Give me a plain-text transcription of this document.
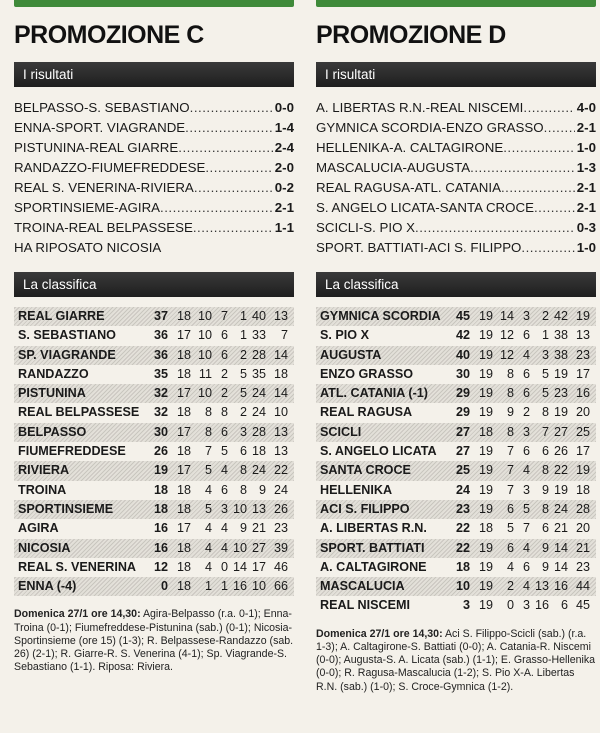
PROMOZIONE C
I risultati
BELPASSO-S. SEBASTIANO .....	0-0
ENNA-SPORT. VIAGRANDE .....	1-4
PISTUNINA-REAL GIARRE .....	2-4
RANDAZZO-FIUMEFREDDESE .....	2-0
REAL S. VENERINA-RIVIERA .....	0-2
SPORTINSIEME-AGIRA .....	2-1
TROINA-REAL BELPASSESE .....	1-1
HA RIPOSATO NICOSIA
La classifica
REAL GIARRE	37 18 10 7 1 40 13
S. SEBASTIANO	36 17 10 6 1 33	7
SP. VIAGRANDE	36 18 10 6 2 28 14
RANDAZZO	35 18 11 2 5 35 18
PISTUNINA	32 17 10 2 5 24 14
REAL BELPASSESE	32 18	8 8 2 24 10
BELPASSO	30 17	8 6 3 28 13
FIUMEFREDDESE	26 18	7 5 6 18 13
RIVIERA	19 17	5 4 8 24 22
TROINA	18 18	4 6 8 9 24
SPORTINSIEME	18 18	5 3 10 13 26
AGIRA	16 17	4 4 9 21 23
NICOSIA	16 18	4 4 10 27 39
REAL S. VENERINA	12 18	4 0 14 17 46
ENNA (-4)	0 18	1 1 16 10 66
Domenica 27/1 ore 14,30: Agira-Belpasso (r.a. 0-1); Enna-Troina (0-1); Fiumefreddese-Pistunina (sab.) (0-1); Nicosia-Sportinsieme (ore 15) (1-3); R. Belpassese-Randazzo (sab. 26) (2-1); R. Giarre-R. S. Venerina (4-1); Sp. Viagrande-S. Sebastiano (1-1). Riposa: Riviera.
PROMOZIONE D
I risultati
A. LIBERTAS R.N.-REAL NISCEMI .....	4-0
GYMNICA SCORDIA-ENZO GRASSO ..... 2-1
HELLENIKA-A. CALTAGIRONE .....	1-0
MASCALUCIA-AUGUSTA .....	1-3
REAL RAGUSA-ATL. CATANIA .....	2-1
S. ANGELO LICATA-SANTA CROCE .....	2-1
SCICLI-S. PIO X .....	0-3
SPORT. BATTIATI-ACI S. FILIPPO .....	1-0
La classifica
GYMNICA SCORDIA	45 19 14 3 2 42 19
S. PIO X	42 19 12 6 1 38 13
AUGUSTA	40 19 12 4 3 38 23
ENZO GRASSO	30 19	8 6 5 19 17
ATL. CATANIA (-1)	29 19	8 6 5 23 16
REAL RAGUSA	29 19	9 2 8 19 20
SCICLI	27 18	8 3 7 27 25
S. ANGELO LICATA	27 19	7 6 6 26 17
SANTA CROCE	25 19	7 4 8 22 19
HELLENIKA	24 19	7 3 9 19 18
ACI S. FILIPPO	23 19	6 5 8 24 28
A. LIBERTAS R.N.	22 18	5 7 6 21 20
SPORT. BATTIATI	22 19	6 4 9 14 21
A. CALTAGIRONE	18 19	4 6 9 14 23
MASCALUCIA	10 19	2 4 13 16 44
REAL NISCEMI	3 19	0 3 16 6 45
Domenica 27/1 ore 14,30: Aci S. Filippo-Scicli (sab.) (r.a. 1-3); A. Caltagirone-S. Battiati (0-0); A. Catania-R. Niscemi (0-0); Augusta-S. A. Licata (sab.) (1-1); E. Grasso-Hellenika (0-0); R. Ragusa-Mascalucia (1-2); S. Pio X-A. Libertas R.N. (sab.) (1-0); S. Croce-Gymnica (1-2).
